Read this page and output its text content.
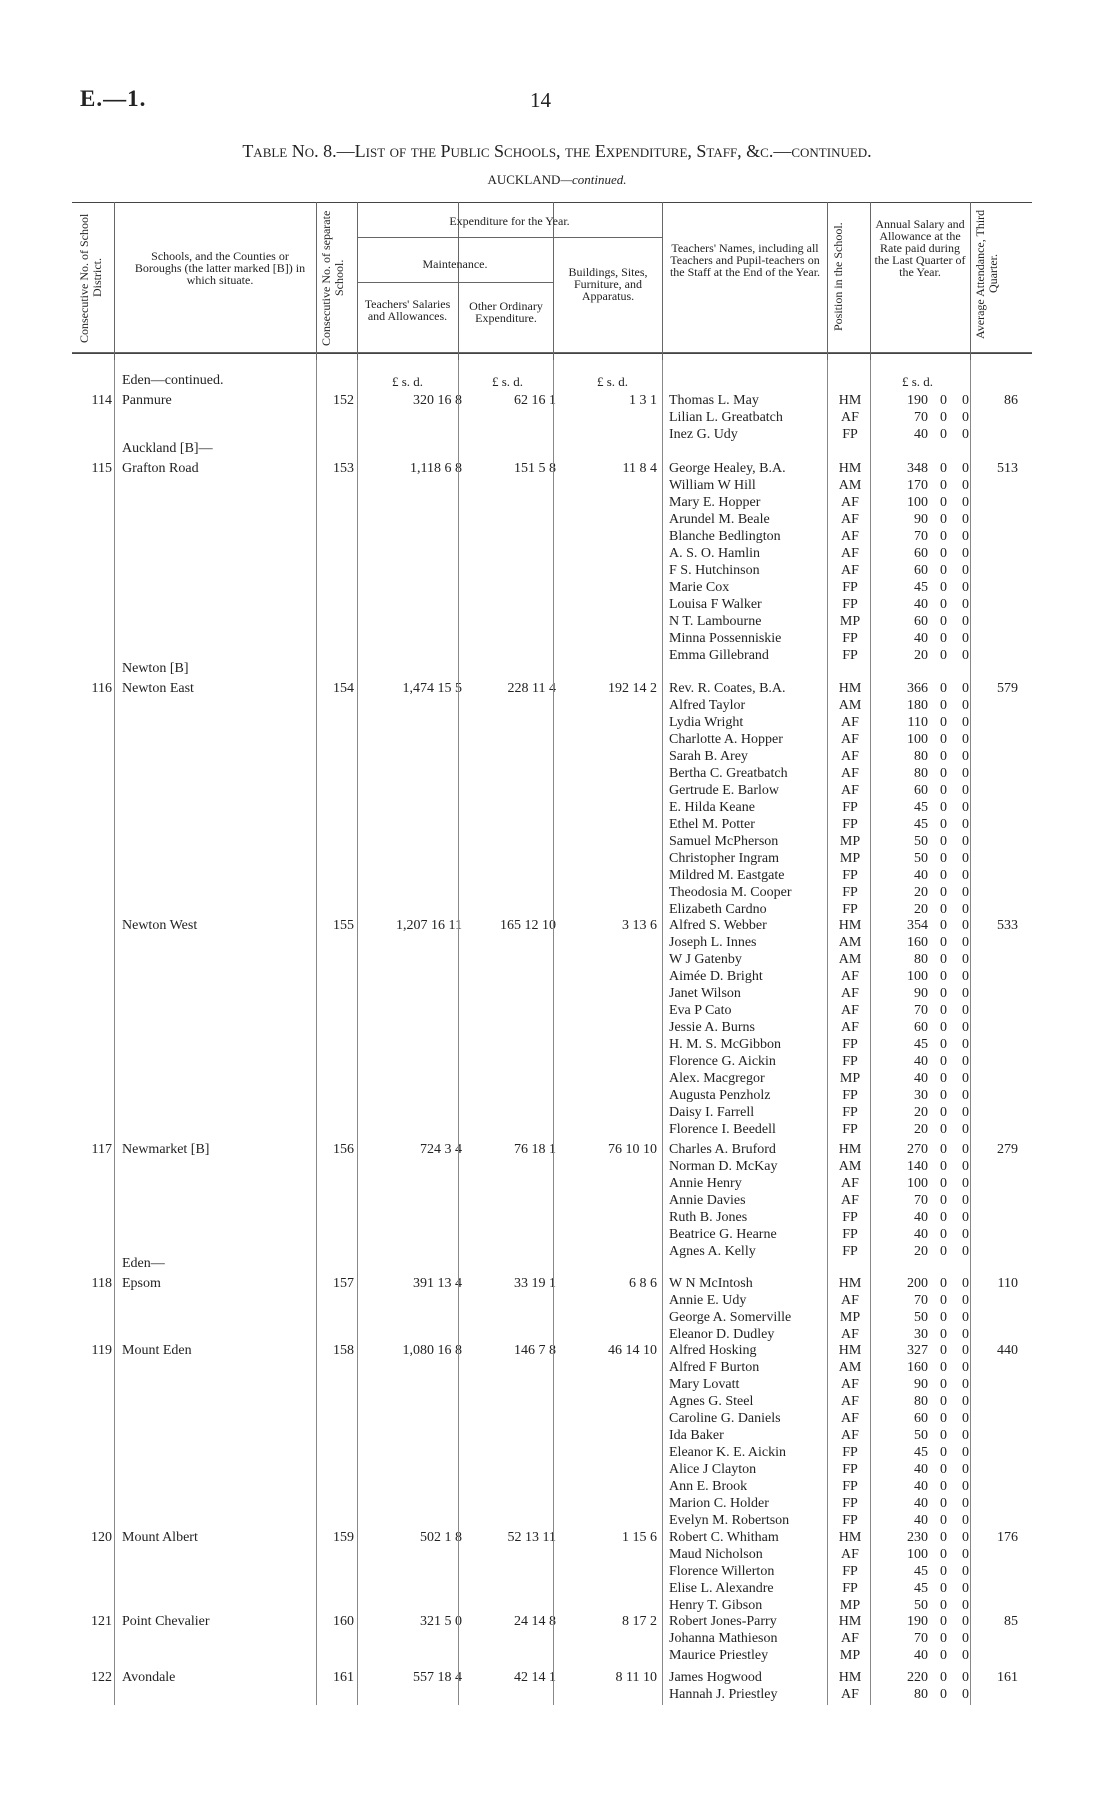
E.—1.	14
Table No. 8.—List of the Public Schools, the Expenditure, Staff, &c.—continued.
AUCKLAND—continued.
Consecutive No. of School District.
Schools, and the Counties or Boroughs (the latter marked [B]) in which situate.	Consecutive No. of separate School.
Expenditure for the Year.
Maintenance.
Teachers' Salaries and Allowances.
Other Ordinary Expenditure.
Buildings, Sites, Furniture, and Apparatus.
Teachers' Names, including all Teachers and Pupil-teachers on the Staff at the End of the Year. Position in the School.	Annual Salary and Allowance at the Rate paid during the Last Quarter of the Year.	Average Attendance, Third Quarter.
£ s. d.	£ s. d.	£ s. d.	£ s. d.
Eden—continued.
114 Panmure	152	320 16 8	62 16 1	1 3 1	86
Thomas L. May	HM	190 0	0
Lilian L. Greatbatch	AF	70 0	0
Inez G. Udy	FP	40 0	0
Auckland [B]—
115 Grafton Road	153	1,118 6 8	151 5 8	11 8 4	513
George Healey, B.A.	HM	348 0	0
William W Hill	AM	170 0	0
Mary E. Hopper	AF	100 0	0
Arundel M. Beale	AF	90 0	0
Blanche Bedlington	AF	70 0	0
A. S. O. Hamlin	AF	60 0	0
F S. Hutchinson	AF	60 0	0
Marie Cox	FP	45 0	0
Louisa F Walker	FP	40 0	0
N T. Lambourne	MP	60 0	0
Minna Possenniskie	FP	40 0	0
Emma Gillebrand	FP	20 0	0
Newton [B]
116 Newton East	154	1,474 15 5	228 11 4	192 14 2	579
Rev. R. Coates, B.A.	HM	366 0	0
Alfred Taylor	AM	180 0	0
Lydia Wright	AF	110 0	0
Charlotte A. Hopper	AF	100 0	0
Sarah B. Arey	AF	80 0	0
Bertha C. Greatbatch	AF	80 0	0
Gertrude E. Barlow	AF	60 0	0
E. Hilda Keane	FP	45 0	0
Ethel M. Potter	FP	45 0	0
Samuel McPherson	MP	50 0	0
Christopher Ingram	MP	50 0	0
Mildred M. Eastgate	FP	40 0	0
Theodosia M. Cooper	FP	20 0	0
Elizabeth Cardno	FP	20 0	0
Newton West	155	1,207 16 11	165 12 10	3 13 6	533
Alfred S. Webber	HM	354 0	0
Joseph L. Innes	AM	160 0	0
W J Gatenby	AM	80 0	0
Aimée D. Bright	AF	100 0	0
Janet Wilson	AF	90 0	0
Eva P Cato	AF	70 0	0
Jessie A. Burns	AF	60 0	0
H. M. S. McGibbon	FP	45 0	0
Florence G. Aickin	FP	40 0	0
Alex. Macgregor	MP	40 0	0
Augusta Penzholz	FP	30 0	0
Daisy I. Farrell	FP	20 0	0
Florence I. Beedell	FP	20 0	0
117 Newmarket [B]	156	724 3 4	76 18 1	76 10 10	279
Charles A. Bruford	HM	270 0	0
Norman D. McKay	AM	140 0	0
Annie Henry	AF	100 0	0
Annie Davies	AF	70 0	0
Ruth B. Jones	FP	40 0	0
Beatrice G. Hearne	FP	40 0	0
Agnes A. Kelly	FP	20 0	0
Eden—
118 Epsom	157	391 13 4	33 19 1	6 8 6	110
W N McIntosh	HM	200 0	0
Annie E. Udy	AF	70 0	0
George A. Somerville	MP	50 0	0
Eleanor D. Dudley	AF	30 0	0
119 Mount Eden	158	1,080 16 8	146 7 8	46 14 10	440
Alfred Hosking	HM	327 0	0
Alfred F Burton	AM	160 0	0
Mary Lovatt	AF	90 0	0
Agnes G. Steel	AF	80 0	0
Caroline G. Daniels	AF	60 0	0
Ida Baker	AF	50 0	0
Eleanor K. E. Aickin	FP	45 0	0
Alice J Clayton	FP	40 0	0
Ann E. Brook	FP	40 0	0
Marion C. Holder	FP	40 0	0
Evelyn M. Robertson	FP	40 0	0
120 Mount Albert	159	502 1 8	52 13 11	1 15 6	176
Robert C. Whitham	HM	230 0	0
Maud Nicholson	AF	100 0	0
Florence Willerton	FP	45 0	0
Elise L. Alexandre	FP	45 0	0
Henry T. Gibson	MP	50 0	0
121 Point Chevalier	160	321 5 0	24 14 8	8 17 2	85
Robert Jones-Parry	HM	190 0	0
Johanna Mathieson	AF	70 0	0
Maurice Priestley	MP	40 0	0
122 Avondale	161	557 18 4	42 14 1	8 11 10	161
James Hogwood	HM	220 0	0
Hannah J. Priestley	AF	80 0	0
